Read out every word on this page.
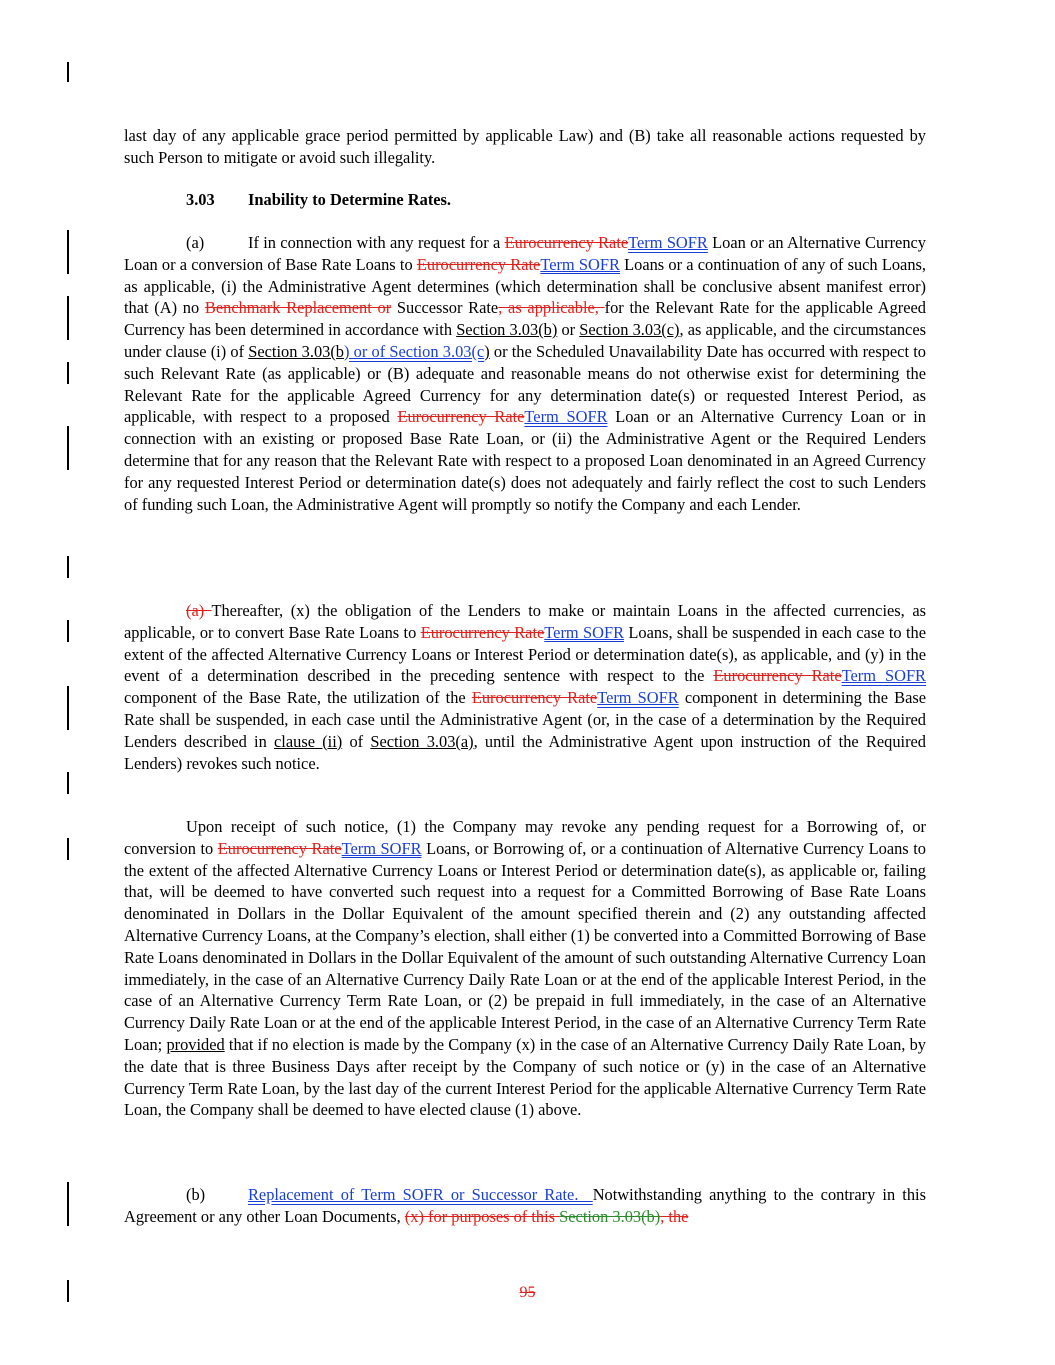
last day of any applicable grace period permitted by applicable Law) and (B) take all reasonable actions requested by such Person to mitigate or avoid such illegality.

3.03 Inability to Determine Rates.

(a)	If in connection with any request for a Eurocurrency RateTerm SOFR Loan or an Alternative Currency Loan or a conversion of Base Rate Loans to Eurocurrency RateTerm SOFR Loans or a continuation of any of such Loans, as applicable, (i) the Administrative Agent determines (which determination shall be conclusive absent manifest error) that (A) no Benchmark Replacement or Successor Rate, as applicable, for the Relevant Rate for the applicable Agreed Currency has been determined in accordance with Section 3.03(b) or Section 3.03(c), as applicable, and the circumstances under clause (i) of Section 3.03(b) or of Section 3.03(c) or the Scheduled Unavailability Date has occurred with respect to such Relevant Rate (as applicable) or (B) adequate and reasonable means do not otherwise exist for determining the Relevant Rate for the applicable Agreed Currency for any determination date(s) or requested Interest Period, as applicable, with respect to a proposed Eurocurrency RateTerm SOFR Loan or an Alternative Currency Loan or in connection with an existing or proposed Base Rate Loan, or (ii) the Administrative Agent or the Required Lenders determine that for any reason that the Relevant Rate with respect to a proposed Loan denominated in an Agreed Currency for any requested Interest Period or determination date(s) does not adequately and fairly reflect the cost to such Lenders of funding such Loan, the Administrative Agent will promptly so notify the Company and each Lender.

(a) Thereafter, (x) the obligation of the Lenders to make or maintain Loans in the affected currencies, as applicable, or to convert Base Rate Loans to Eurocurrency RateTerm SOFR Loans, shall be suspended in each case to the extent of the affected Alternative Currency Loans or Interest Period or determination date(s), as applicable, and (y) in the event of a determination described in the preceding sentence with respect to the Eurocurrency RateTerm SOFR component of the Base Rate, the utilization of the Eurocurrency RateTerm SOFR component in determining the Base Rate shall be suspended, in each case until the Administrative Agent (or, in the case of a determination by the Required Lenders described in clause (ii) of Section 3.03(a), until the Administrative Agent upon instruction of the Required Lenders) revokes such notice.

Upon receipt of such notice, (1) the Company may revoke any pending request for a Borrowing of, or conversion to Eurocurrency RateTerm SOFR Loans, or Borrowing of, or a continuation of Alternative Currency Loans to the extent of the affected Alternative Currency Loans or Interest Period or determination date(s), as applicable or, failing that, will be deemed to have converted such request into a request for a Committed Borrowing of Base Rate Loans denominated in Dollars in the Dollar Equivalent of the amount specified therein and (2) any outstanding affected Alternative Currency Loans, at the Company’s election, shall either (1) be converted into a Committed Borrowing of Base Rate Loans denominated in Dollars in the Dollar Equivalent of the amount of such outstanding Alternative Currency Loan immediately, in the case of an Alternative Currency Daily Rate Loan or at the end of the applicable Interest Period, in the case of an Alternative Currency Term Rate Loan, or (2) be prepaid in full immediately, in the case of an Alternative Currency Daily Rate Loan or at the end of the applicable Interest Period, in the case of an Alternative Currency Term Rate Loan; provided that if no election is made by the Company (x) in the case of an Alternative Currency Daily Rate Loan, by the date that is three Business Days after receipt by the Company of such notice or (y) in the case of an Alternative Currency Term Rate Loan, by the last day of the current Interest Period for the applicable Alternative Currency Term Rate Loan, the Company shall be deemed to have elected clause (1) above.

(b)	Replacement of Term SOFR or Successor Rate.  Notwithstanding anything to the contrary in this Agreement or any other Loan Documents, (x) for purposes of this Section 3.03(b), the

95
